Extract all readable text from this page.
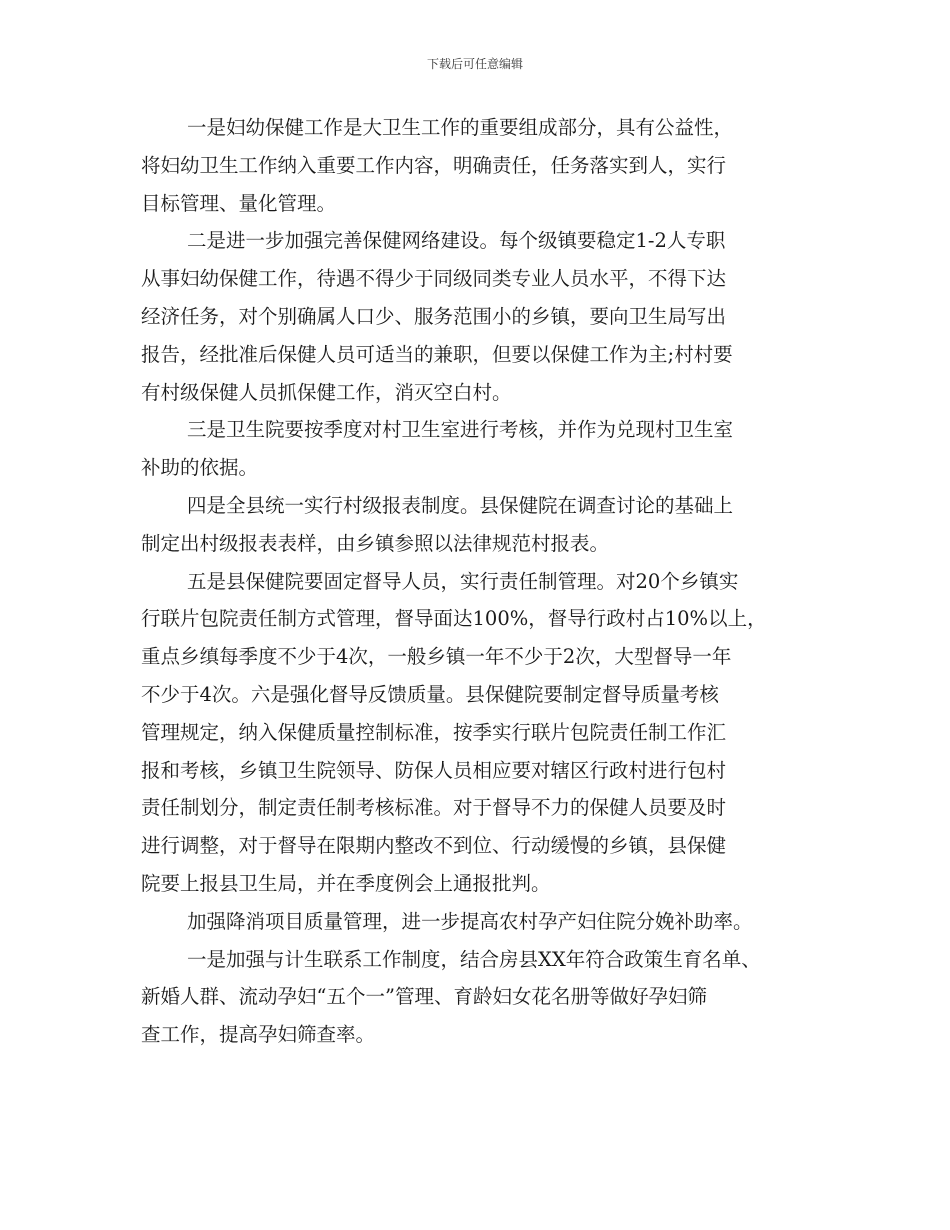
下载后可任意编辑
一是妇幼保健工作是大卫生工作的重要组成部分，具有公益性，
将妇幼卫生工作纳入重要工作内容，明确责任，任务落实到人，实行
目标管理、量化管理。
二是进一步加强完善保健网络建设。每个级镇要稳定1-2人专职
从事妇幼保健工作，待遇不得少于同级同类专业人员水平，不得下达
经济任务，对个别确属人口少、服务范围小的乡镇，要向卫生局写出
报告，经批准后保健人员可适当的兼职，但要以保健工作为主;村村要
有村级保健人员抓保健工作，消灭空白村。
三是卫生院要按季度对村卫生室进行考核，并作为兑现村卫生室
补助的依据。
四是全县统一实行村级报表制度。县保健院在调查讨论的基础上
制定出村级报表表样，由乡镇参照以法律规范村报表。
五是县保健院要固定督导人员，实行责任制管理。对20个乡镇实
行联片包院责任制方式管理，督导面达100%，督导行政村占10%以上，
重点乡缜每季度不少于4次，一般乡镇一年不少于2次，大型督导一年
不少于4次。六是强化督导反馈质量。县保健院要制定督导质量考核
管理规定，纳入保健质量控制标准，按季实行联片包院责任制工作汇
报和考核，乡镇卫生院领导、防保人员相应要对辖区行政村进行包村
责任制划分，制定责任制考核标准。对于督导不力的保健人员要及时
进行调整，对于督导在限期内整改不到位、行动缓慢的乡镇，县保健
院要上报县卫生局，并在季度例会上通报批判。
加强降消项目质量管理，进一步提高农村孕产妇住院分娩补助率。
一是加强与计生联系工作制度，结合房县XX年符合政策生育名单、
新婚人群、流动孕妇“五个一”管理、育龄妇女花名册等做好孕妇筛
查工作，提高孕妇筛查率。
